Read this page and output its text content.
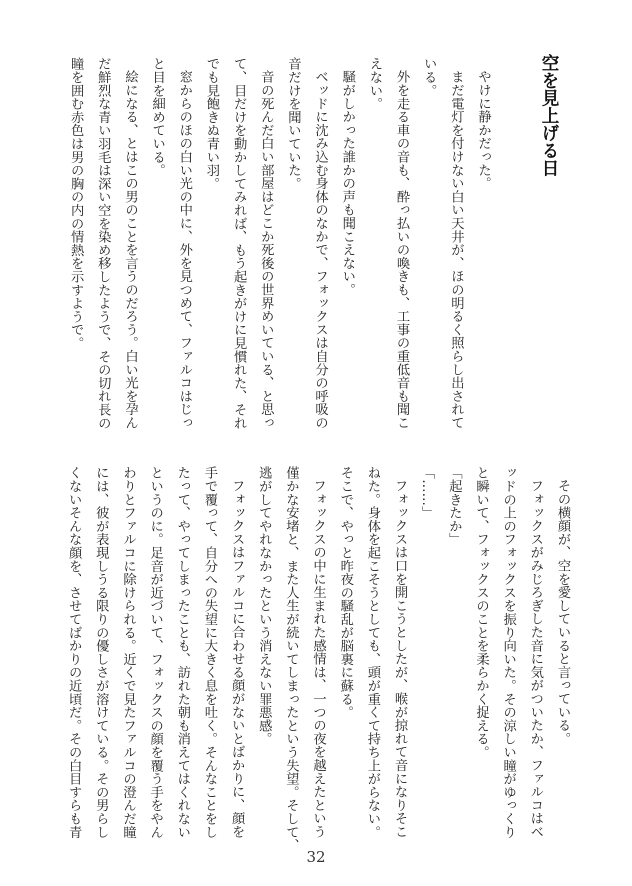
空を見上げる日
やけに静かだった。
まだ電灯を付けない白い天井が、ほの明るく照らし出されて
いる。
外を走る車の音も、酔っ払いの喚きも、工事の重低音も聞こ
えない。
騒がしかった誰かの声も聞こえない。
ベッドに沈み込む身体のなかで、フォックスは自分の呼吸の
音だけを聞いていた。
音の死んだ白い部屋はどこか死後の世界めいている、と思っ
て、目だけを動かしてみれば、もう起きがけに見慣れた、それ
でも見飽きぬ青い羽。
窓からのほの白い光の中に、外を見つめて、ファルコはじっ
と目を細めている。
絵になる、とはこの男のことを言うのだろう。白い光を孕ん
だ鮮烈な青い羽毛は深い空を染め移したようで、その切れ長の
瞳を囲む赤色は男の胸の内の情熱を示すようで。
その横顔が、空を愛していると言っている。
フォックスがみじろぎした音に気がついたか、ファルコはベ
ッドの上のフォックスを振り向いた。その涼しい瞳がゆっくり
と瞬いて、フォックスのことを柔らかく捉える。
「起きたか」
「……」
フォックスは口を開こうとしたが、喉が掠れて音になりそこ
ねた。身体を起こそうとしても、頭が重くて持ち上がらない。
そこで、やっと昨夜の騒乱が脳裏に蘇る。
フォックスの中に生まれた感情は、一つの夜を越えたという
僅かな安堵と、また人生が続いてしまったという失望。そして、
逃がしてやれなかったという消えない罪悪感。
フォックスはファルコに合わせる顔がないとばかりに、顔を
手で覆って、自分への失望に大きく息を吐く。そんなことをし
たって、やってしまったことも、訪れた朝も消えてはくれない
というのに。足音が近づいて、フォックスの顔を覆う手をやん
わりとファルコに除けられる。近くで見たファルコの澄んだ瞳
には、彼が表現しうる限りの優しさが溶けている。その男らし
くないそんな顔を、させてばかりの近頃だ。その白目すらも青
32
